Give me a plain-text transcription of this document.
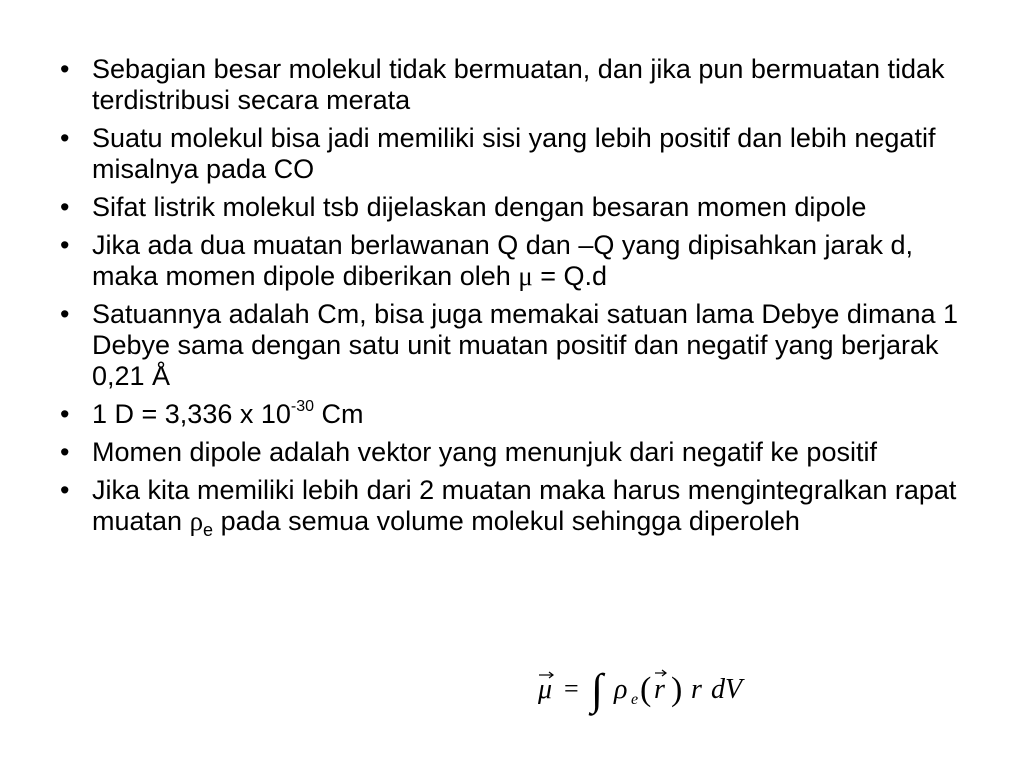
• Sebagian besar molekul tidak bermuatan, dan jika pun bermuatan tidak terdistribusi secara merata
• Suatu molekul bisa jadi memiliki sisi yang lebih positif dan lebih negatif misalnya pada CO
• Sifat listrik molekul tsb dijelaskan dengan besaran momen dipole
• Jika ada dua muatan berlawanan Q dan –Q yang dipisahkan jarak d, maka momen dipole diberikan oleh μ = Q.d
• Satuannya adalah Cm, bisa juga memakai satuan lama Debye dimana 1 Debye sama dengan satu unit muatan positif dan negatif yang berjarak 0,21 Å
• 1 D = 3,336 x $10^{-30}$ Cm
• Momen dipole adalah vektor yang menunjuk dari negatif ke positif
• Jika kita memiliki lebih dari 2 muatan maka harus mengintegralkan rapat muatan $\rho_e$ pada semua volume molekul sehingga diperoleh
μ = ∫ ρ e ( r ) r dV
